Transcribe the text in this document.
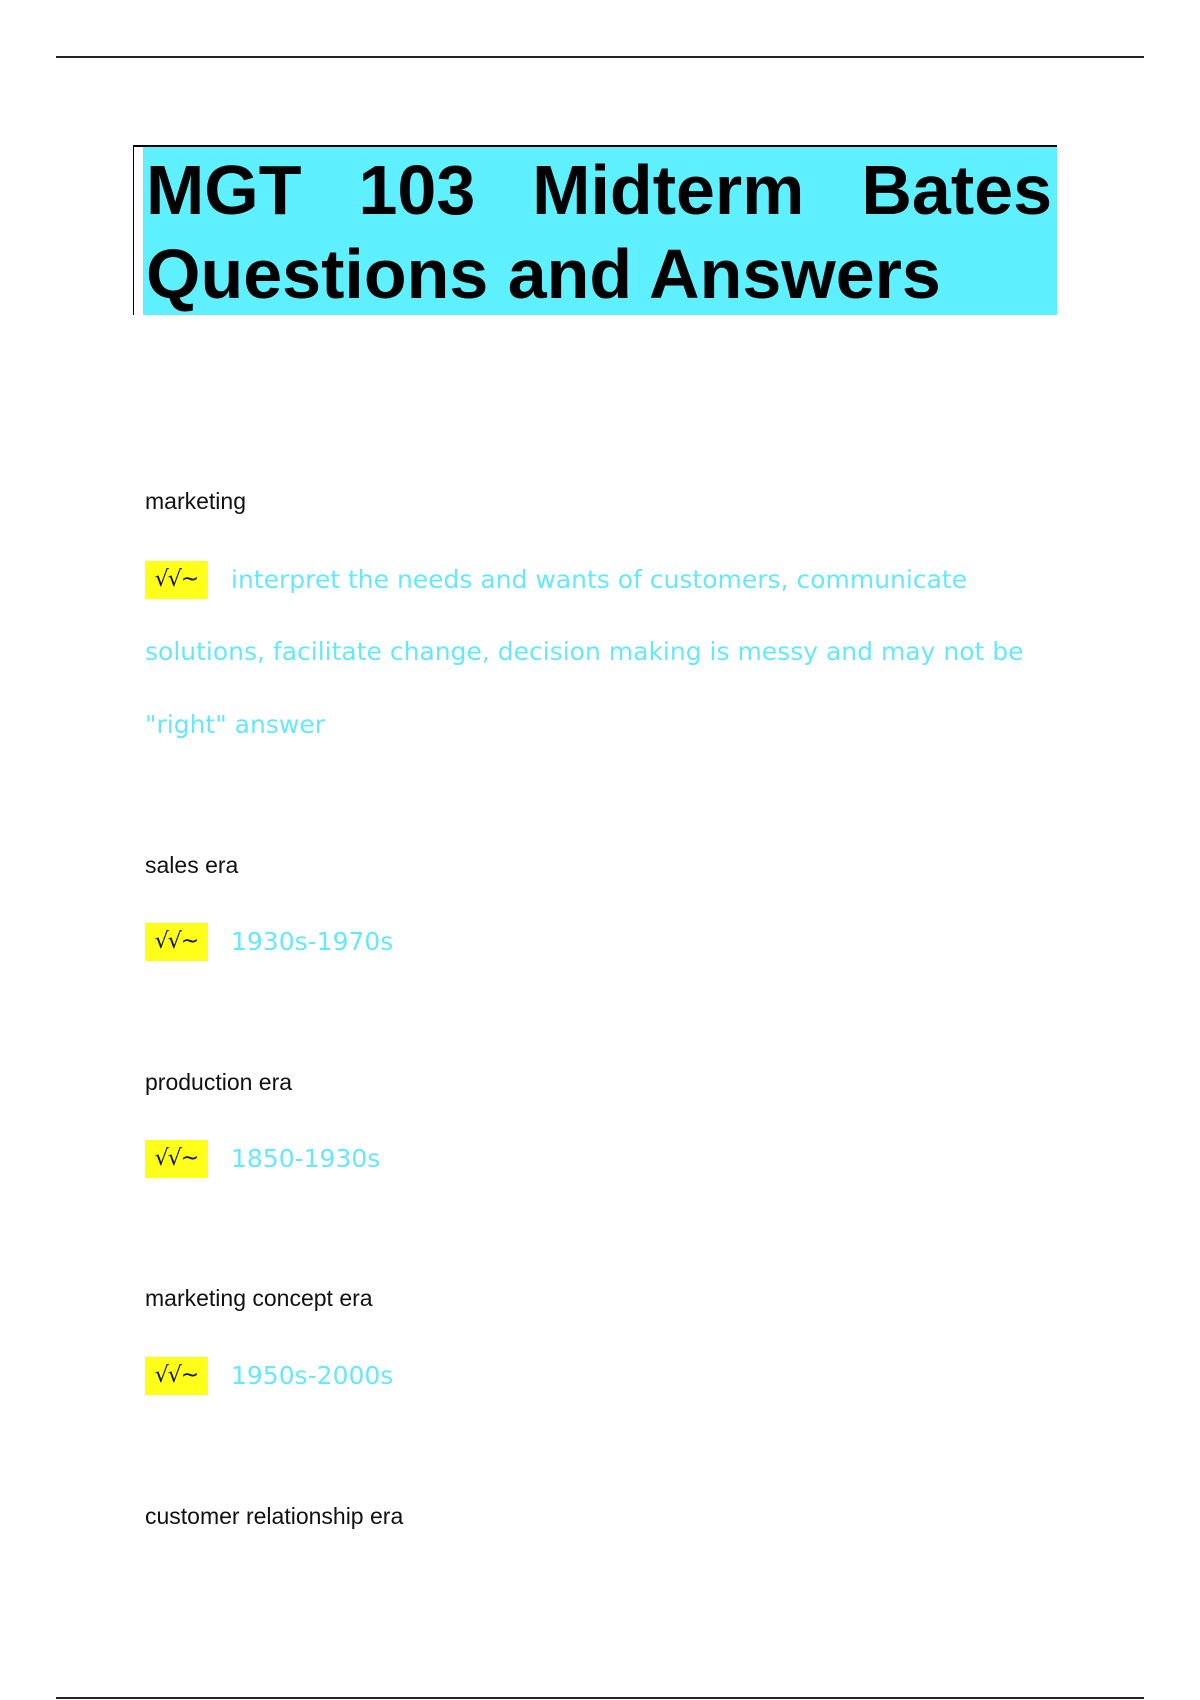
MGT 103 Midterm Bates
Questions and Answers
marketing
√√~	interpret the needs and wants of customers, communicate
solutions, facilitate change, decision making is messy and may not be
"right" answer
sales era
√√~	1930s-1970s
production era
√√~	1850-1930s
marketing concept era
√√~	1950s-2000s
customer relationship era
